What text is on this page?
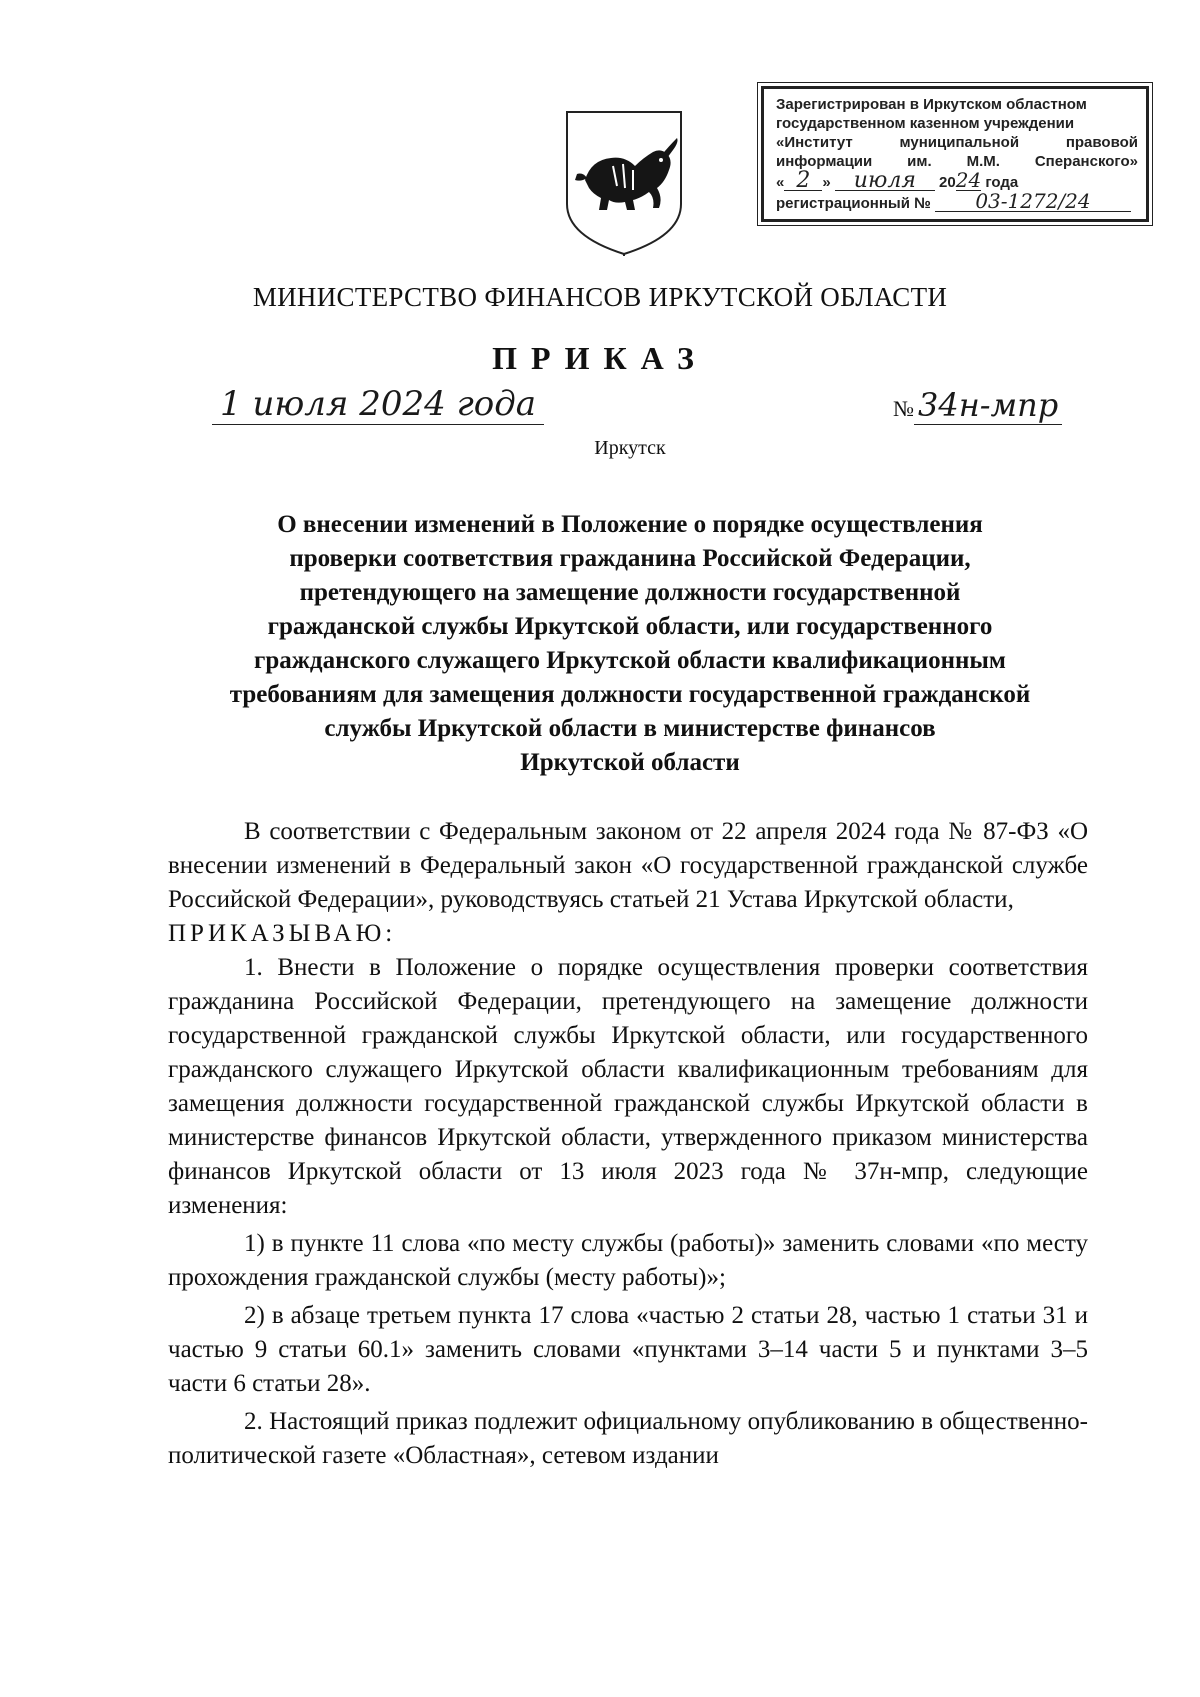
Зарегистрирован в Иркутском областном
государственном казенном учреждении
«Институт муниципальной правовой
информации им. М.М. Сперанского»
« 2 » июля 2024 года
регистрационный № 03-1272/24
МИНИСТЕРСТВО ФИНАНСОВ ИРКУТСКОЙ ОБЛАСТИ
ПРИКАЗ
1 июля 2024 года	№ 34н-мпр
Иркутск
О внесении изменений в Положение о порядке осуществления
проверки соответствия гражданина Российской Федерации,
претендующего на замещение должности государственной
гражданской службы Иркутской области, или государственного
гражданского служащего Иркутской области квалификационным
требованиям для замещения должности государственной гражданской
службы Иркутской области в министерстве финансов
Иркутской области

В соответствии с Федеральным законом от 22 апреля 2024 года № 87-ФЗ «О внесении изменений в Федеральный закон «О государственной гражданской службе Российской Федерации», руководствуясь статьей 21 Устава Иркутской области,

ПРИКАЗЫВАЮ:

1. Внести в Положение о порядке осуществления проверки соответствия гражданина Российской Федерации, претендующего на замещение должности государственной гражданской службы Иркутской области, или государственного гражданского служащего Иркутской области квалификационным требованиям для замещения должности государственной гражданской службы Иркутской области в министерстве финансов Иркутской области, утвержденного приказом министерства финансов Иркутской области от 13 июля 2023 года № 37н-мпр, следующие изменения:

1) в пункте 11 слова «по месту службы (работы)» заменить словами «по месту прохождения гражданской службы (месту работы)»;

2) в абзаце третьем пункта 17 слова «частью 2 статьи 28, частью 1 статьи 31 и частью 9 статьи 60.1» заменить словами «пунктами 3–14 части 5 и пунктами 3–5 части 6 статьи 28».

2. Настоящий приказ подлежит официальному опубликованию в общественно-политической газете «Областная», сетевом издании
